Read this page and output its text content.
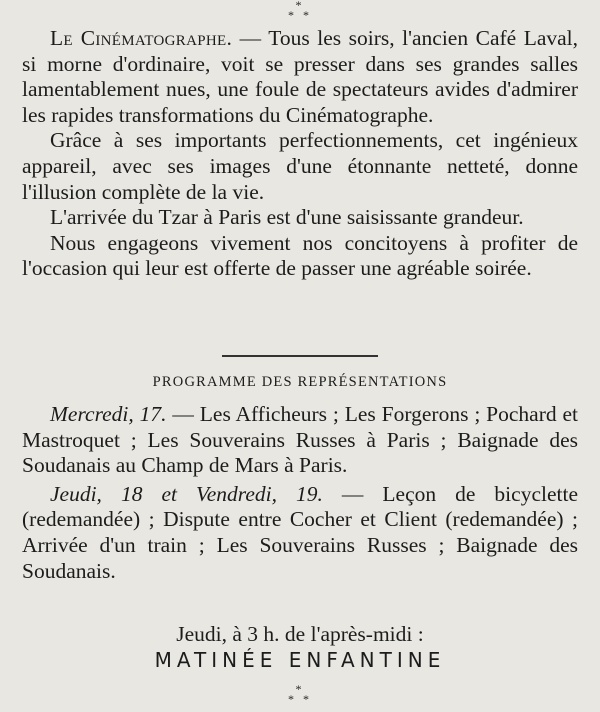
*
* *

Le Cinématographe. — Tous les soirs, l'ancien Café Laval, si morne d'ordinaire, voit se presser dans ses grandes salles lamentablement nues, une foule de spectateurs avides d'admirer les rapides transformations du Cinématographe.

Grâce à ses importants perfectionnements, cet ingénieux appareil, avec ses images d'une étonnante netteté, donne l'illusion complète de la vie.

L'arrivée du Tzar à Paris est d'une saisissante grandeur.

Nous engageons vivement nos concitoyens à profiter de l'occasion qui leur est offerte de passer une agréable soirée.

PROGRAMME DES REPRÉSENTATIONS

Mercredi, 17. — Les Afficheurs ; Les Forgerons ; Pochard et Mastroquet ; Les Souverains Russes à Paris ; Baignade des Soudanais au Champ de Mars à Paris.

Jeudi, 18 et Vendredi, 19. — Leçon de bicyclette (redemandée) ; Dispute entre Cocher et Client (redemandée) ; Arrivée d'un train ; Les Souverains Russes ; Baignade des Soudanais.

Jeudi, à 3 h. de l'après-midi :
MATINÉE ENFANTINE
*
* *
